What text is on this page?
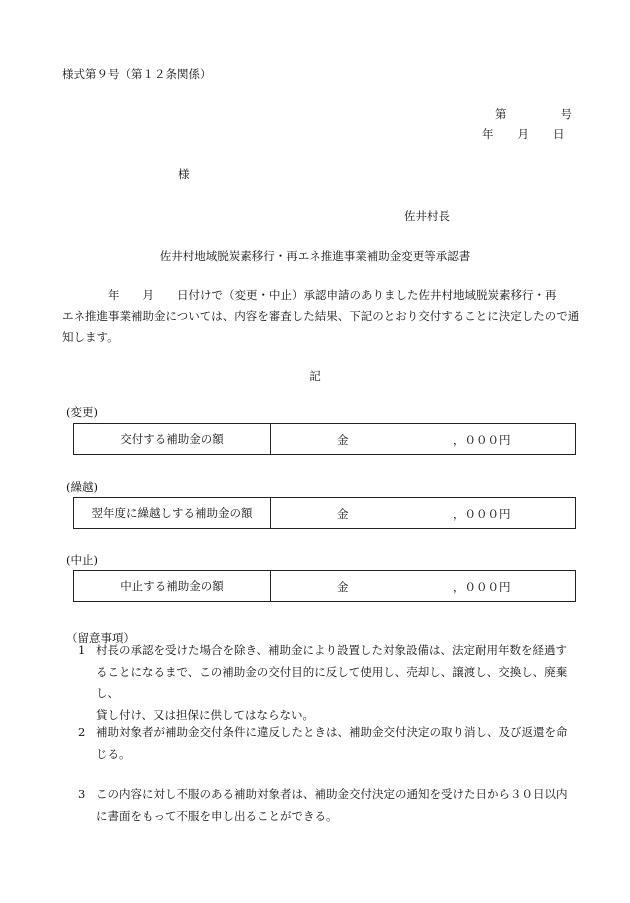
様式第９号（第１２条関係）
第	号
年 月 日
様
佐井村長
佐井村地域脱炭素移行・再エネ推進事業補助金変更等承認書

　　　　年　　月　　日付けで（変更・中止）承認申請のありました佐井村地域脱炭素移行・再

エネ推進事業補助金については、内容を審査した結果、下記のとおり交付することに決定したので通

知します。

記
(変更)
交付する補助金の額	金	，０００円
(繰越)
翌年度に繰越しする補助金の額	金	，０００円
(中止)
中止する補助金の額	金	，０００円
（留意事項）
1 村長の承認を受けた場合を除き、補助金により設置した対象設備は、法定耐用年数を経過す
ることになるまで、この補助金の交付目的に反して使用し、売却し、譲渡し、交換し、廃棄し、
貸し付け、又は担保に供してはならない。
2 補助対象者が補助金交付条件に違反したときは、補助金交付決定の取り消し、及び返還を命
じる。
3 この内容に対し不服のある補助対象者は、補助金交付決定の通知を受けた日から３０日以内
に書面をもって不服を申し出ることができる。
